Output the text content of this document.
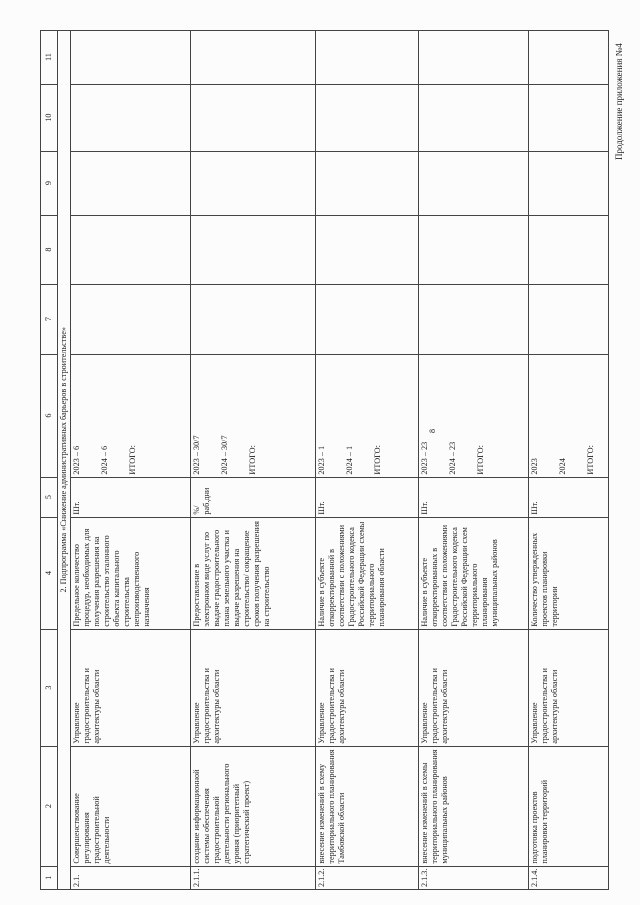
Продолжение приложения №4
8
1	2	3	4	5	6	7	8	9	10	11
2. Подпрограмма «Снижение административных барьеров в строительстве»										
2.1.	Совершенствование регулирования градостроительной деятельности	Управление градостроительства и архитектуры области	Предельное количество процедур, необходимых для получения разрешения на строительство эталонного объекта капитального строительства непроизводственного назначения	Шт.	2023 – 6 2024 – 6 ИТОГО:					

2.1.1.	создание информационной системы обеспечения градостроительной деятельности регионального уровня (приоритетный стратегический проект)	Управление градостроительства и архитектуры области	Предоставление в электронном виде услуг по выдаче градостроительного плана земельного участка и выдаче разрешения на строительство/ сокращение сроков получения разрешения на строительство	%/раб.дни	2023 – 30/7 2024 – 30/7 ИТОГО:					

2.1.2.	внесение изменений в схему территориального планирования Тамбовской области	Управление градостроительства и архитектуры области	Наличие в субъекте откорректированной в соответствии с положениями Градостроительного кодекса Российской Федерации схемы территориального планирования области	Шт.	2023 – 1 2024 – 1 ИТОГО:					

2.1.3.	внесение изменений в схемы территориального планирования муниципальных районов	Управление градостроительства и архитектуры области	Наличие в субъекте откорректированных в соответствии с положениями Градостроительного кодекса Российской Федерации схем территориального планирования муниципальных районов	Шт.	2023 – 23 2024 – 23 ИТОГО:					

2.1.4.	подготовка проектов планировки территорий	Управление градостроительства и архитектуры области	Количество утвержденных проектов планировки территории	Шт.	2023 2024 ИТОГО:					
